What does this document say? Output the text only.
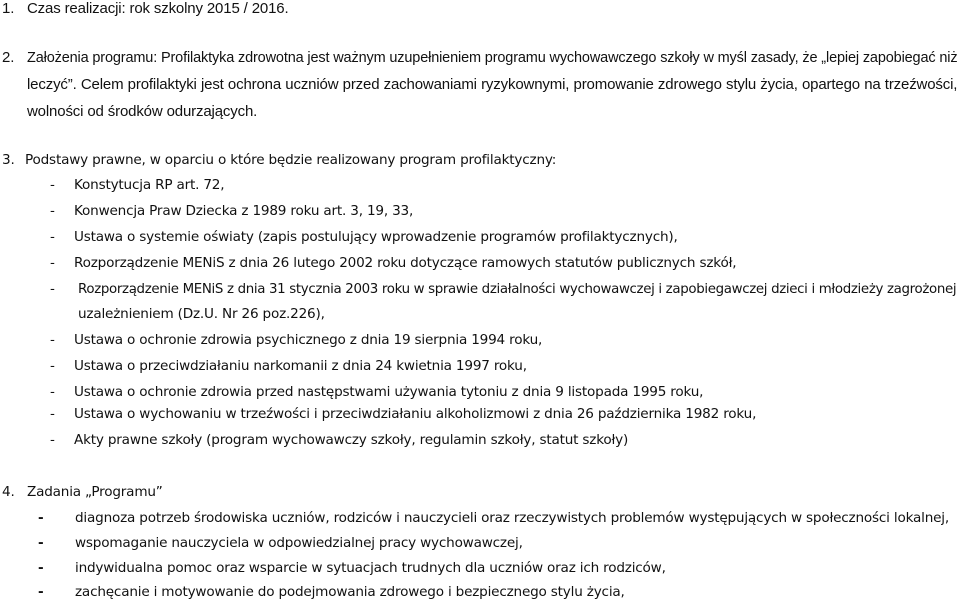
1. Czas realizacji: rok szkolny 2015 / 2016.
2. Założenia programu: Profilaktyka zdrowotna jest ważnym uzupełnieniem programu wychowawczego szkoły w myśl zasady, że „lepiej zapobiegać niż
leczyć”. Celem profilaktyki jest ochrona uczniów przed zachowaniami ryzykownymi, promowanie zdrowego stylu życia, opartego na trzeźwości,
wolności od środków odurzających.
3. Podstawy prawne, w oparciu o które będzie realizowany program profilaktyczny:
- Konstytucja RP art. 72,
- Konwencja Praw Dziecka z 1989 roku art. 3, 19, 33,
- Ustawa o systemie oświaty (zapis postulujący wprowadzenie programów profilaktycznych),
- Rozporządzenie MENiS z dnia 26 lutego 2002 roku dotyczące ramowych statutów publicznych szkół,
- Rozporządzenie MENiS z dnia 31 stycznia 2003 roku w sprawie działalności wychowawczej i zapobiegawczej dzieci i młodzieży zagrożonej
uzależnieniem (Dz.U. Nr 26 poz.226),
- Ustawa o ochronie zdrowia psychicznego z dnia 19 sierpnia 1994 roku,
- Ustawa o przeciwdziałaniu narkomanii z dnia 24 kwietnia 1997 roku,
- Ustawa o ochronie zdrowia przed następstwami używania tytoniu z dnia 9 listopada 1995 roku,
- Ustawa o wychowaniu w trzeźwości i przeciwdziałaniu alkoholizmowi z dnia 26 października 1982 roku,
- Akty prawne szkoły (program wychowawczy szkoły, regulamin szkoły, statut szkoły)
4. Zadania „Programu”
- diagnoza potrzeb środowiska uczniów, rodziców i nauczycieli oraz rzeczywistych problemów występujących w społeczności lokalnej,
- wspomaganie nauczyciela w odpowiedzialnej pracy wychowawczej,
- indywidualna pomoc oraz wsparcie w sytuacjach trudnych dla uczniów oraz ich rodziców,
- zachęcanie i motywowanie do podejmowania zdrowego i bezpiecznego stylu życia,
